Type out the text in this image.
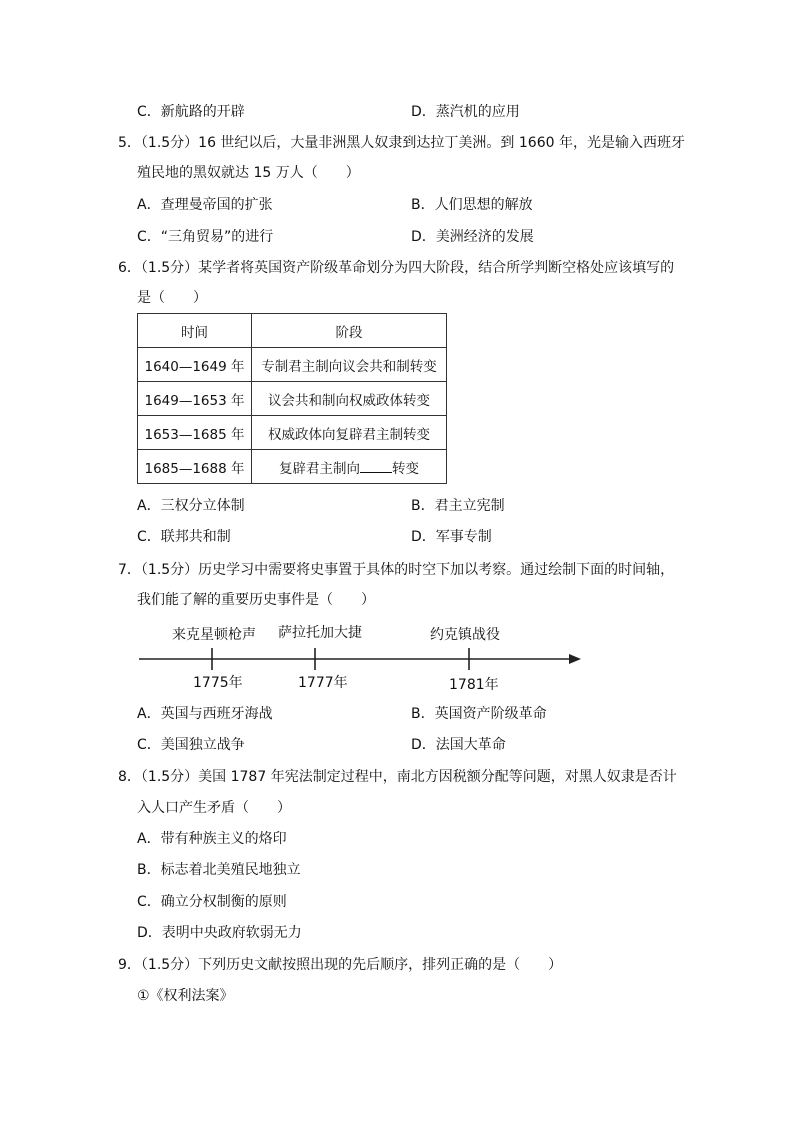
C．新航路的开辟	D．蒸汽机的应用
5．（1.5分）16 世纪以后，大量非洲黑人奴隶到达拉丁美洲。到 1660 年，光是输入西班牙
殖民地的黑奴就达 15 万人（　　）
A．查理曼帝国的扩张	B．人们思想的解放
C．“三角贸易”的进行	D．美洲经济的发展
6．（1.5分）某学者将英国资产阶级革命划分为四大阶段，结合所学判断空格处应该填写的
是（　　）
时间	阶段
1640—1649 年	专制君主制向议会共和制转变
1649—1653 年	议会共和制向权威政体转变
1653—1685 年	权威政体向复辟君主制转变
1685—1688 年	复辟君主制向 转变
A．三权分立体制	B．君主立宪制
C．联邦共和制	D．军事专制
7．（1.5分）历史学习中需要将史事置于具体的时空下加以考察。通过绘制下面的时间轴，
我们能了解的重要历史事件是（　　）
来克星顿枪声 萨拉托加大捷	约克镇战役
1775年	1777年	1781年
A．英国与西班牙海战	B．英国资产阶级革命
C．美国独立战争	D．法国大革命
8．（1.5分）美国 1787 年宪法制定过程中，南北方因税额分配等问题，对黑人奴隶是否计
入人口产生矛盾（　　）
A．带有种族主义的烙印
B．标志着北美殖民地独立
C．确立分权制衡的原则
D．表明中央政府软弱无力
9．（1.5分）下列历史文献按照出现的先后顺序，排列正确的是（　　）
①《权利法案》
